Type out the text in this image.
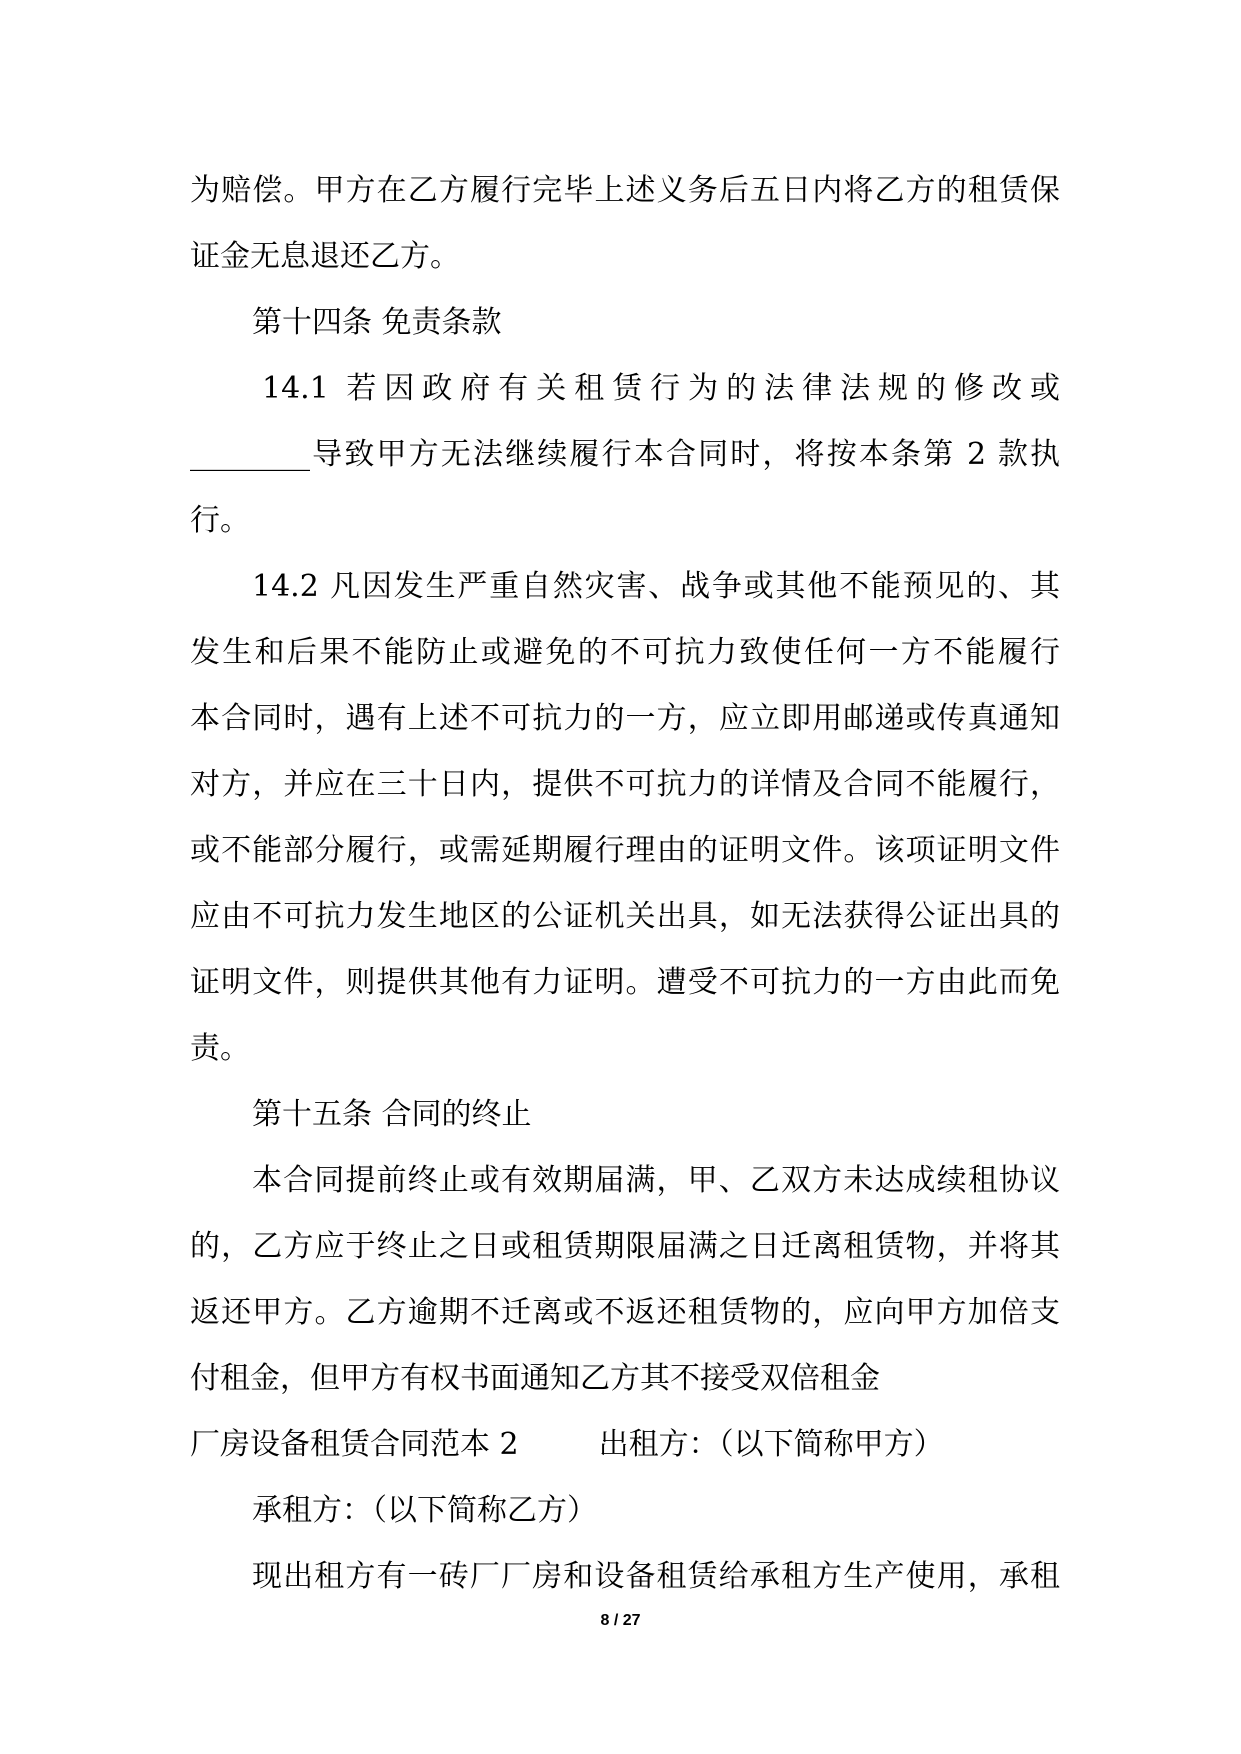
为赔偿。甲方在乙方履行完毕上述义务后五日内将乙方的租赁保
证金无息退还乙方。
第十四条 免责条款
14.1 若因政府有关租赁行为的法律法规的修改或
________导致甲方无法继续履行本合同时，将按本条第 2 款执
行。
14.2 凡因发生严重自然灾害、战争或其他不能预见的、其
发生和后果不能防止或避免的不可抗力致使任何一方不能履行
本合同时，遇有上述不可抗力的一方，应立即用邮递或传真通知
对方，并应在三十日内，提供不可抗力的详情及合同不能履行，
或不能部分履行，或需延期履行理由的证明文件。该项证明文件
应由不可抗力发生地区的公证机关出具，如无法获得公证出具的
证明文件，则提供其他有力证明。遭受不可抗力的一方由此而免
责。
第十五条 合同的终止
本合同提前终止或有效期届满，甲、乙双方未达成续租协议
的，乙方应于终止之日或租赁期限届满之日迁离租赁物，并将其
返还甲方。乙方逾期不迁离或不返还租赁物的，应向甲方加倍支
付租金，但甲方有权书面通知乙方其不接受双倍租金
厂房设备租赁合同范本 2	出租方：（以下简称甲方）
承租方：（以下简称乙方）
现出租方有一砖厂厂房和设备租赁给承租方生产使用，承租
8 / 27
